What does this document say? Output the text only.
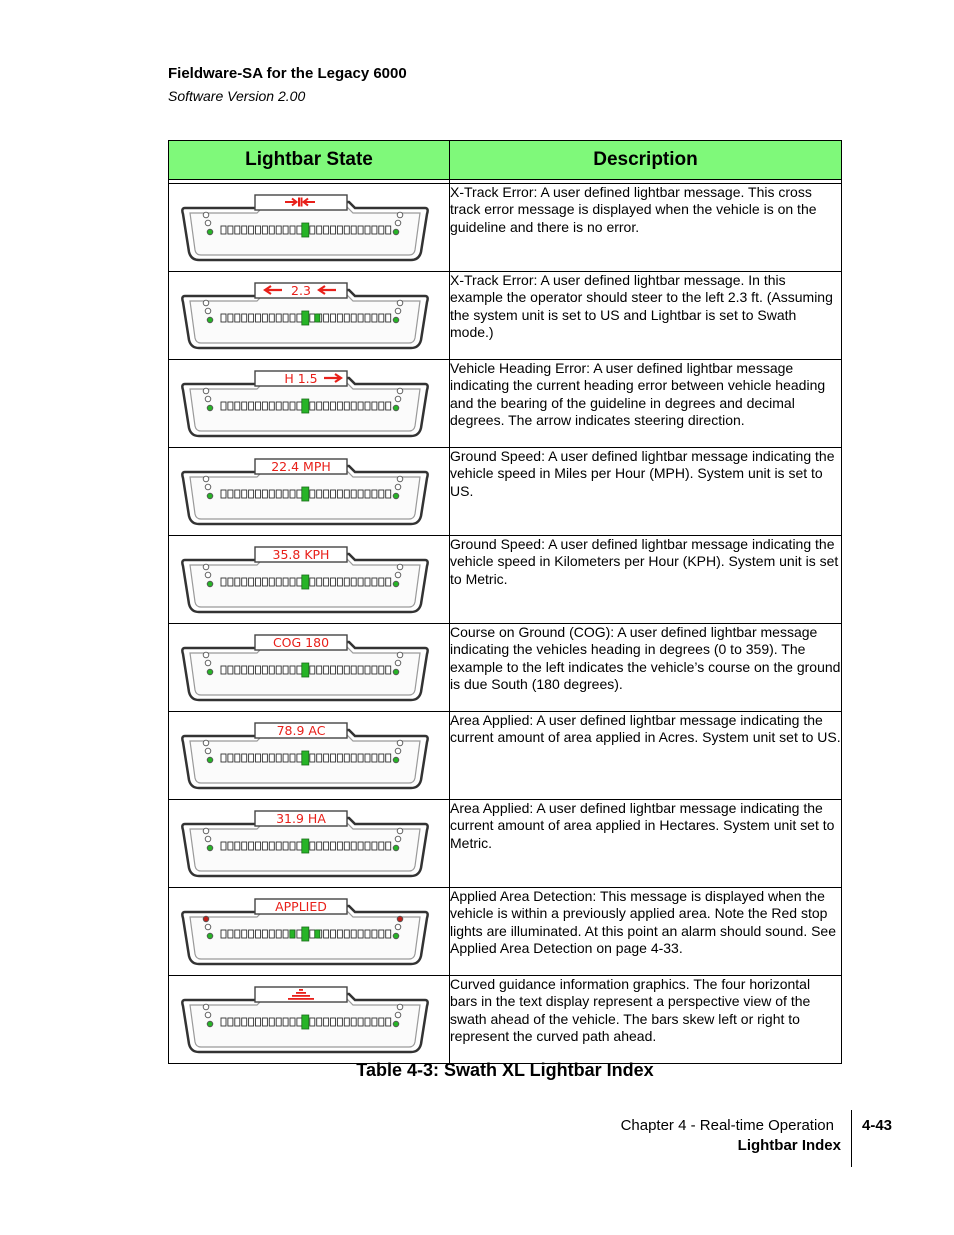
Fieldware-SA for the Legacy 6000
Software Version 2.00
Lightbar State	Description

	X-Track Error: A user defined lightbar message. This cross track error message is displayed when the vehicle is on the guideline and there is no error.

2.3	X-Track Error: A user defined lightbar message. In this example the operator should steer to the left 2.3 ft. (Assuming the system unit is set to US and Lightbar is set to Swath mode.)

H 1.5	Vehicle Heading Error: A user defined lightbar message indicating the current heading error between vehicle heading and the bearing of the guideline in degrees and decimal degrees. The arrow indicates steering direction.

22.4 MPH	Ground Speed: A user defined lightbar message indicating the vehicle speed in Miles per Hour (MPH). System unit is set to US.

35.8 KPH	Ground Speed: A user defined lightbar message indicating the vehicle speed in Kilometers per Hour (KPH). System unit is set to Metric.

COG 180	Course on Ground (COG): A user defined lightbar message indicating the vehicles heading in degrees (0 to 359). The example to the left indicates the vehicle’s course on the ground is due South (180 degrees).

78.9 AC	Area Applied: A user defined lightbar message indicating the current amount of area applied in Acres. System unit set to US.

31.9 HA	Area Applied: A user defined lightbar message indicating the current amount of area applied in Hectares. System unit set to Metric.

APPLIED	Applied Area Detection: This message is displayed when the vehicle is within a previously applied area. Note the Red stop lights are illuminated. At this point an alarm should sound. See Applied Area Detection on page 4-33.

	Curved guidance information graphics. The four horizontal bars in the text display represent a perspective view of the swath ahead of the vehicle. The bars skew left or right to represent the curved path ahead.
Table 4-3: Swath XL Lightbar Index
Chapter 4 - Real-time Operation
Lightbar Index
4-43
